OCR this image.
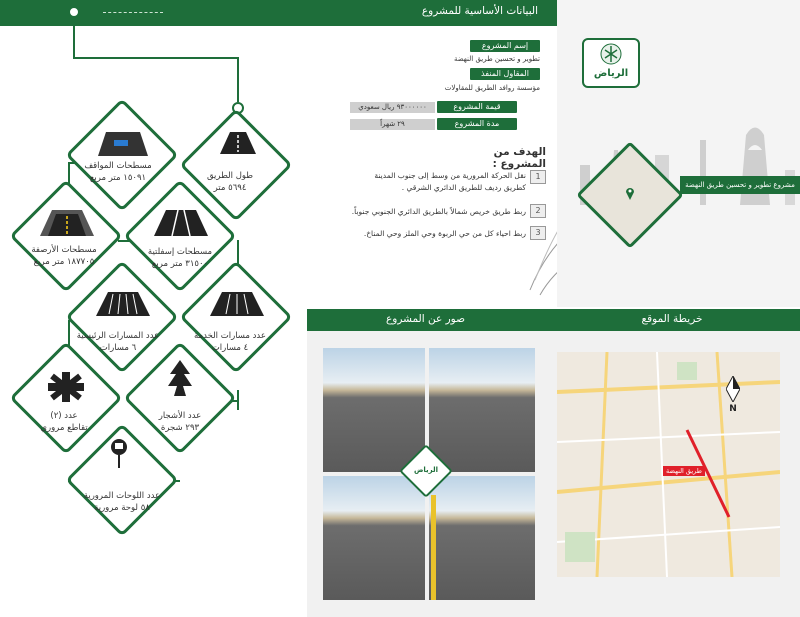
طول الطريق
٥٦٩٤ متر
مسطحات المواقف
١٥٠٩١ متر مربع
مسطحات إسفلتية
٣١٥٠٠ متر مربع
مسطحات الأرصفة
١٨٧٧٠٥ متر مربع
عدد مسارات الخدمة
٤ مسارات
عدد المسارات الرئيسية
٦ مسارات
عدد الأشجار
٢٩٣ شجرة
عدد (٢)
تقاطع مروري
عدد اللوحات المرورية
٥٨ لوحة مرورية
البيانات الأساسية للمشروع
إسم المشروع
تطوير و تحسين طريق النهضة
المقاول المنفذ
مؤسسة روافد الطريق للمقاولات
٩٣٠٠٠٠٠٠ ريال سعودي	قيمة المشروع
٢٩ شهراً	مدة المشروع
الهدف من المشروع :
نقل الحركة المرورية من وسط إلى جنوب المدينة كطريق رديف للطريق الدائري الشرقي .
1
ربط طريق خريص شمالاً بالطريق الدائري الجنوبي جنوباً.	2
ربط احياء كل من حي الربوة وحي الملز وحي المناخ.	3
الرياض
مشروع تطوير و تحسين طريق النهضة
صور عن المشروع
الرياض
خريطة الموقع
طريق النهضة
N
